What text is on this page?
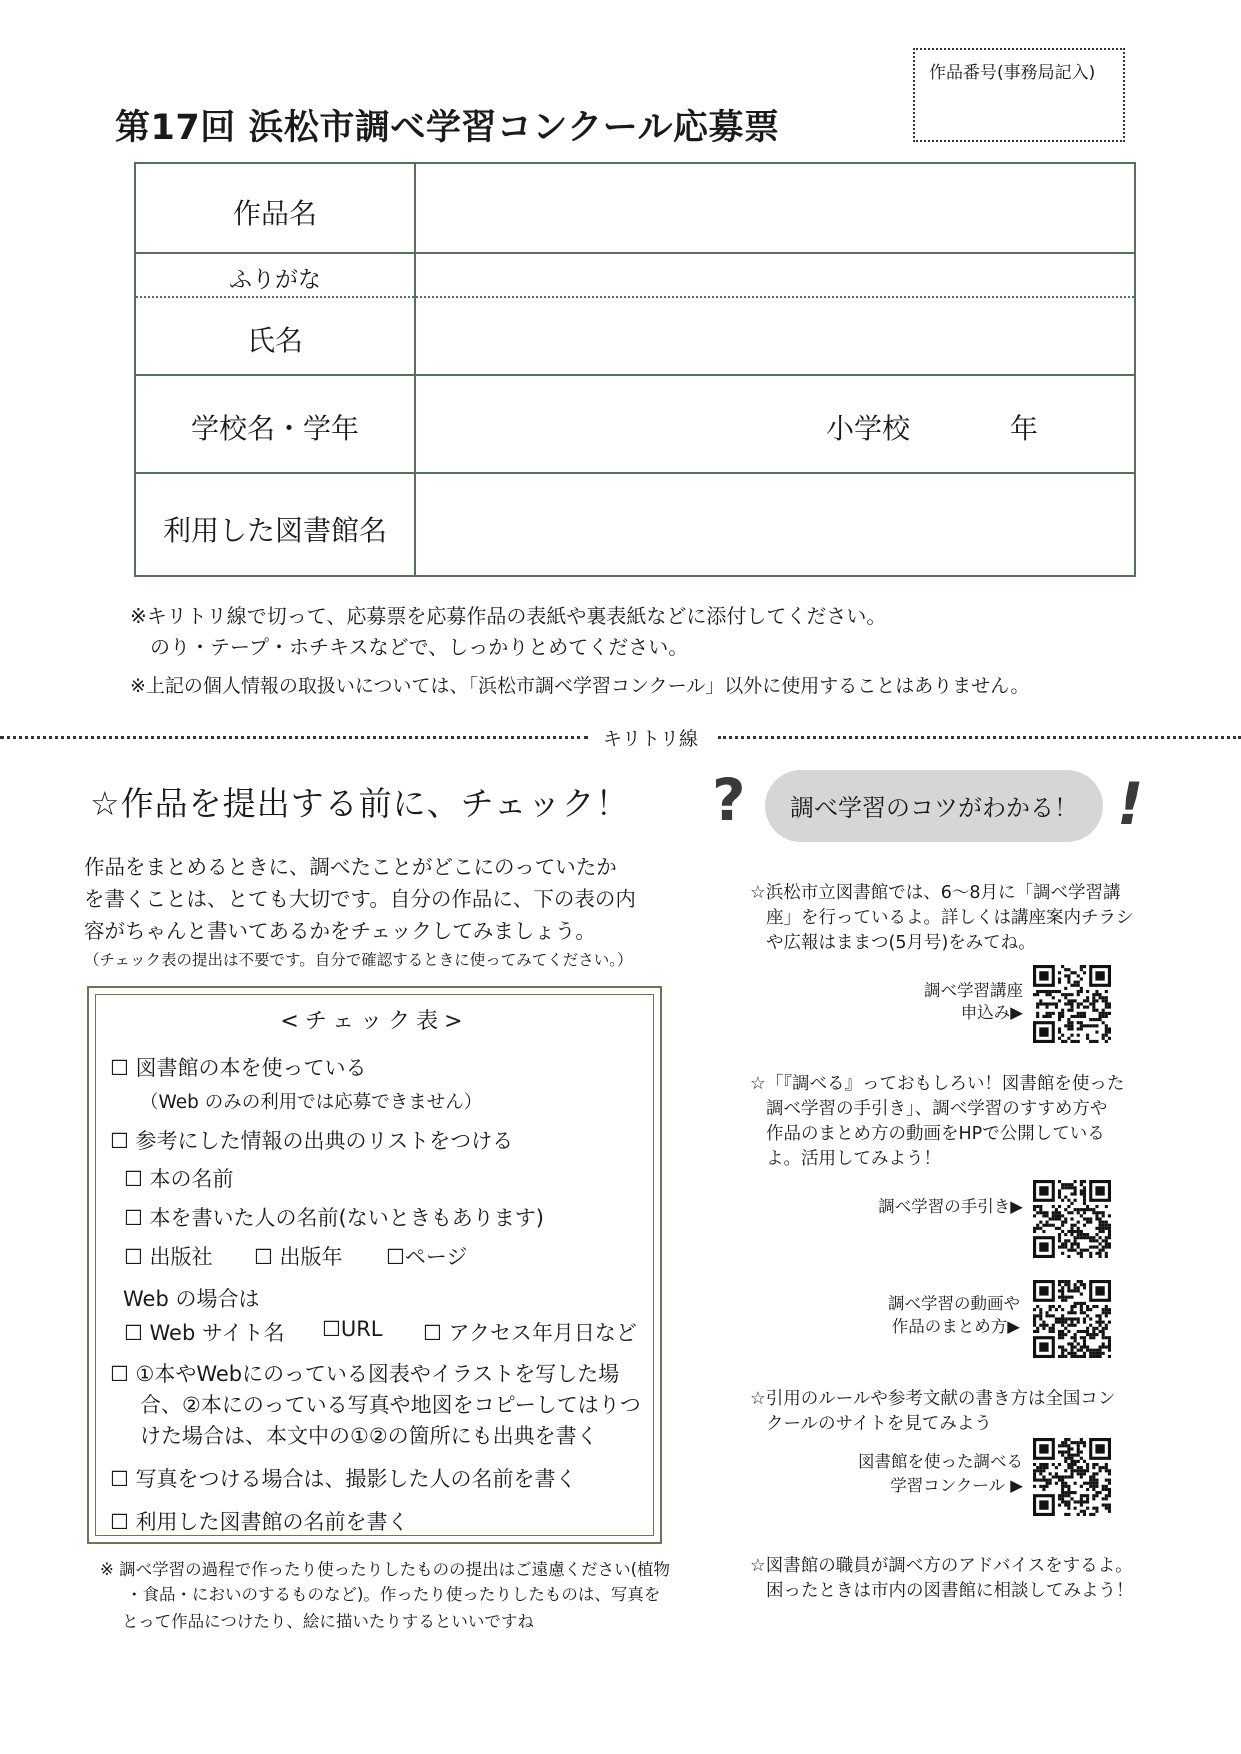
作品番号(事務局記入)
第17回 浜松市調べ学習コンクール応募票
作品名
ふりがな
氏名
学校名・学年
利用した図書館名
小学校	年
※キリトリ線で切って、応募票を応募作品の表紙や裏表紙などに添付してください。
のり・テープ・ホチキスなどで、しっかりとめてください。
※上記の個人情報の取扱いについては、「浜松市調べ学習コンクール」以外に使用することはありません。
キリトリ線
☆作品を提出する前に、チェック！
作品をまとめるときに、調べたことがどこにのっていたか
を書くことは、とても大切です。自分の作品に、下の表の内
容がちゃんと書いてあるかをチェックしてみましょう。
（チェック表の提出は不要です。自分で確認するときに使ってみてください。）
<チェック表>
☐ 図書館の本を使っている
（Web のみの利用では応募できません）
☐ 参考にした情報の出典のリストをつける
☐ 本の名前
☐ 本を書いた人の名前(ないときもあります)
☐ 出版社 ☐ 出版年 ☐ページ
Web の場合は
☐ Web サイト名 ☐URL ☐ アクセス年月日など
☐ ①本やWebにのっている図表やイラストを写した場
合、②本にのっている写真や地図をコピーしてはりつ
けた場合は、本文中の①②の箇所にも出典を書く
☐ 写真をつける場合は、撮影した人の名前を書く
☐ 利用した図書館の名前を書く
※ 調べ学習の過程で作ったり使ったりしたものの提出はご遠慮ください(植物
・食品・においのするものなど)。作ったり使ったりしたものは、写真を
とって作品につけたり、絵に描いたりするといいですね
?	調べ学習のコツがわかる！ !
☆浜松市立図書館では、6～8月に「調べ学習講
座」を行っているよ。詳しくは講座案内チラシ
や広報はままつ(5月号)をみてね。
調べ学習講座
申込み▶
☆「『調べる』っておもしろい！図書館を使った
調べ学習の手引き」、調べ学習のすすめ方や
作品のまとめ方の動画をHPで公開している
よ。活用してみよう！
調べ学習の手引き▶
調べ学習の動画や
作品のまとめ方▶
☆引用のルールや参考文献の書き方は全国コン
クールのサイトを見てみよう
図書館を使った調べる
学習コンクール ▶
☆図書館の職員が調べ方のアドバイスをするよ。
困ったときは市内の図書館に相談してみよう！
